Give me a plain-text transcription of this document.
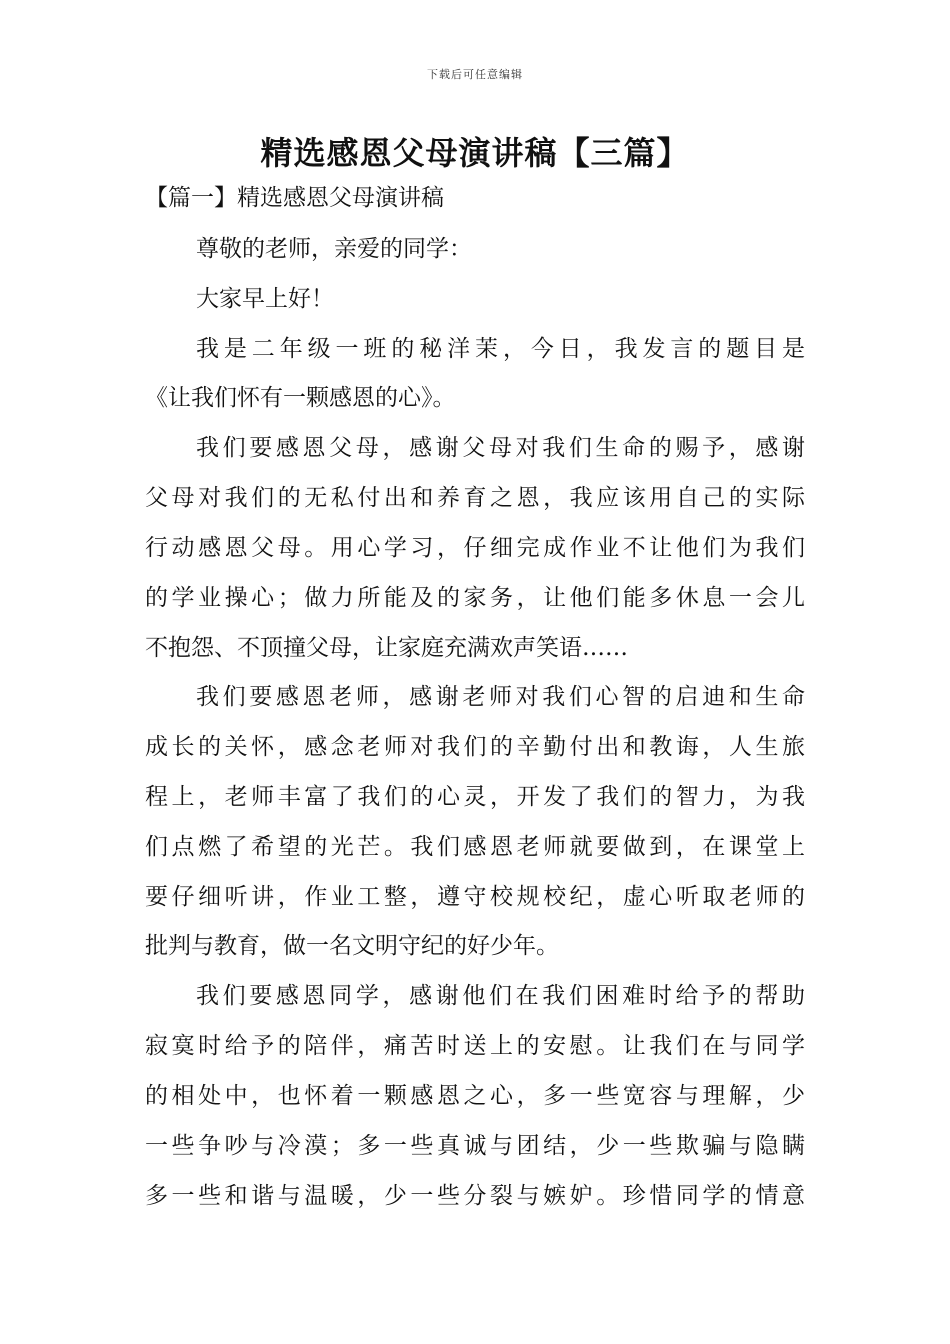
下载后可任意编辑
精选感恩父母演讲稿【三篇】
【篇一】精选感恩父母演讲稿
尊敬的老师，亲爱的同学：
大家早上好！
我是二年级一班的秘洋茉，今日，我发言的题目是
《让我们怀有一颗感恩的心》。
我们要感恩父母，感谢父母对我们生命的赐予，感谢
父母对我们的无私付出和养育之恩，我应该用自己的实际
行动感恩父母。用心学习，仔细完成作业不让他们为我们
的学业操心；做力所能及的家务，让他们能多休息一会儿
不抱怨、不顶撞父母，让家庭充满欢声笑语……
我们要感恩老师，感谢老师对我们心智的启迪和生命
成长的关怀，感念老师对我们的辛勤付出和教诲，人生旅
程上，老师丰富了我们的心灵，开发了我们的智力，为我
们点燃了希望的光芒。我们感恩老师就要做到，在课堂上
要仔细听讲，作业工整，遵守校规校纪，虚心听取老师的
批判与教育，做一名文明守纪的好少年。
我们要感恩同学，感谢他们在我们困难时给予的帮助
寂寞时给予的陪伴，痛苦时送上的安慰。让我们在与同学
的相处中，也怀着一颗感恩之心，多一些宽容与理解，少
一些争吵与冷漠；多一些真诚与团结，少一些欺骗与隐瞒
多一些和谐与温暖，少一些分裂与嫉妒。珍惜同学的情意
